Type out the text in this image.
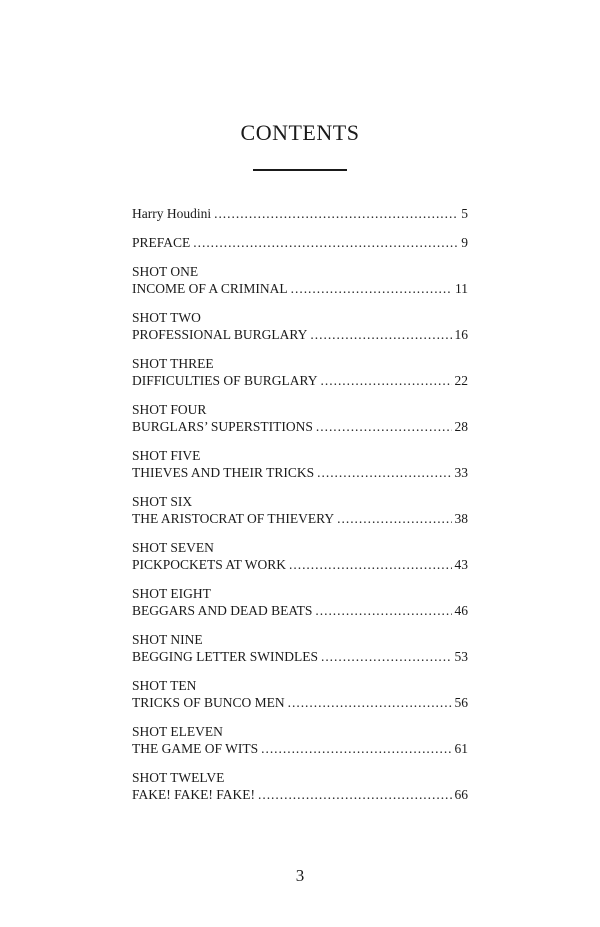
CONTENTS
Harry Houdini . . .	5
PREFACE . . .	9
SHOT ONE
INCOME OF A CRIMINAL . . .	11
SHOT TWO
PROFESSIONAL BURGLARY . . .	16
SHOT THREE
DIFFICULTIES OF BURGLARY . . .	22
SHOT FOUR
BURGLARS’ SUPERSTITIONS . . .	28
SHOT FIVE
THIEVES AND THEIR TRICKS . . .	33
SHOT SIX
THE ARISTOCRAT OF THIEVERY . . .	38
SHOT SEVEN
PICKPOCKETS AT WORK . . .	43
SHOT EIGHT
BEGGARS AND DEAD BEATS . . .	46
SHOT NINE
BEGGING LETTER SWINDLES . . .	53
SHOT TEN
TRICKS OF BUNCO MEN . . .	56
SHOT ELEVEN
THE GAME OF WITS . . .	61
SHOT TWELVE
FAKE! FAKE! FAKE! . . .	66
3
